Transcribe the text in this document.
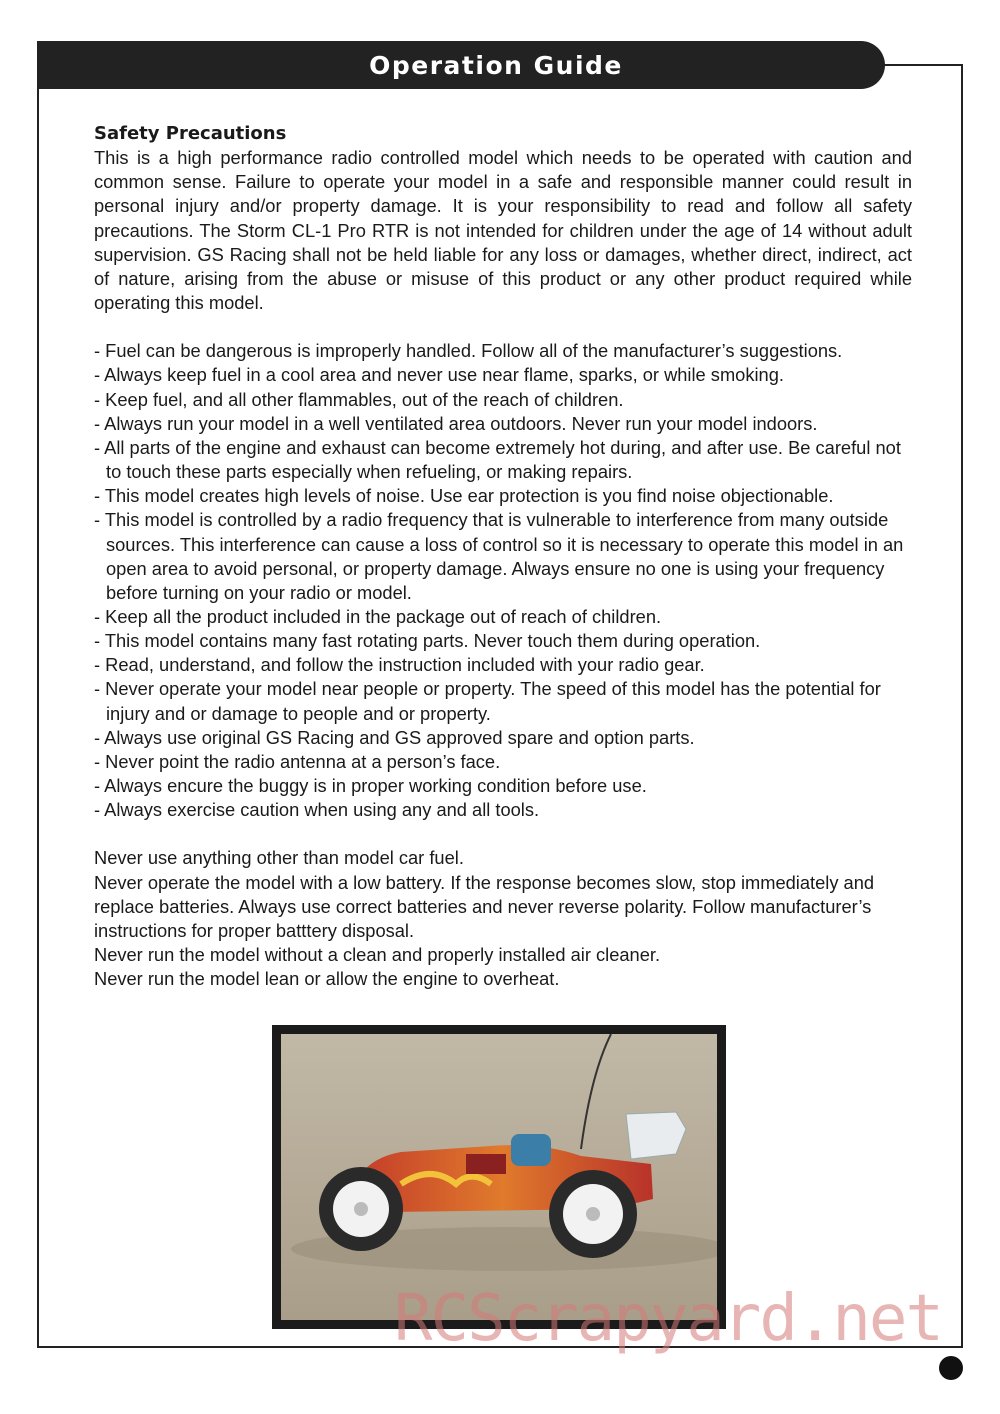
Operation Guide
Safety Precautions

This is a high performance radio controlled model which needs to be operated with caution and common sense. Failure to operate your model in a safe and responsible manner could result in personal injury and/or property damage. It is your responsibility to read and follow all safety precautions. The Storm CL-1 Pro RTR is not intended for children under the age of 14 without adult supervision. GS Racing shall not be held liable for any loss or damages, whether direct, indirect, act of nature, arising from the abuse or misuse of this product or any other product required while operating this model.

- Fuel can be dangerous is improperly handled. Follow all of the manufacturer’s suggestions.
- Always keep fuel in a cool area and never use near flame, sparks, or while smoking.
- Keep fuel, and all other flammables, out of the reach of children.
- Always run your model in a well ventilated area outdoors. Never run your model indoors.
- All parts of the engine and exhaust can become extremely hot during, and after use. Be careful not to touch these parts especially when refueling, or making repairs.
- This model creates high levels of noise. Use ear protection is you find noise objectionable.
- This model is controlled by a radio frequency that is vulnerable to interference from many outside sources. This interference can cause a loss of control so it is necessary to operate this model in an open area to avoid personal, or property damage. Always ensure no one is using your frequency before turning on your radio or model.
- Keep all the product included in the package out of reach of children.
- This model contains many fast rotating parts. Never touch them during operation.
- Read, understand, and follow the instruction included with your radio gear.
- Never operate your model near people or property. The speed of this model has the potential for injury and or damage to people and or property.
- Always use original GS Racing and GS approved spare and option parts.
- Never point the radio antenna at a person’s face.
- Always encure the buggy is in proper working condition before use.
- Always exercise caution when using any and all tools.

Never use anything other than model car fuel.

Never operate the model with a low battery. If the response becomes slow, stop immediately and replace batteries. Always use correct batteries and never reverse polarity. Follow manufacturer’s instructions for proper batttery disposal.

Never run the model without a clean and properly installed air cleaner.

Never run the model lean or allow the engine to overheat.

RCScrapyard.net
